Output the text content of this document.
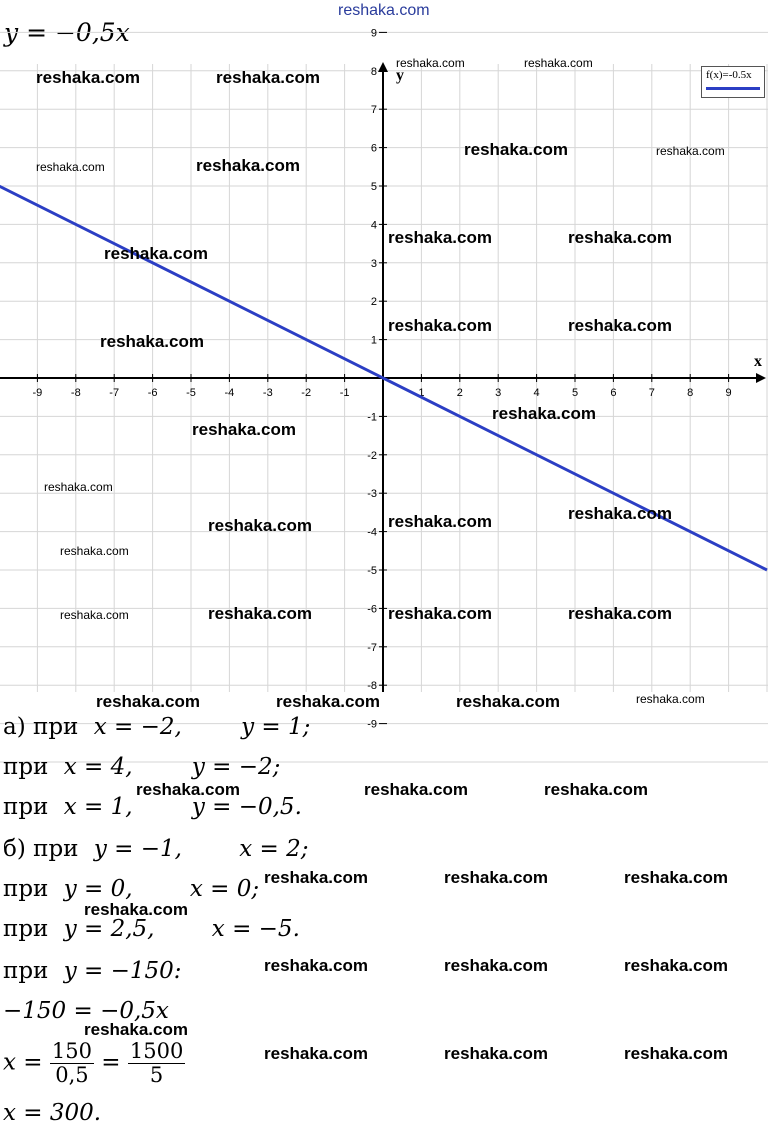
reshaka.com
y = −0,5x
x
y
-9	-8	-7	-6	-5	-4	-3	-2	-1	1	2	3	4	5	6	7	8	9
-9
-8
-7
-6
-5
-4
-3
-2
-1
1
2
3
4
5
6
7
8
9
f(x)=-0.5x
reshaka.com	reshaka.com
reshaka.com	reshaka.com
reshaka.com	reshaka.com
reshaka.com	reshaka.com
reshaka.com
reshaka.com	reshaka.com
reshaka.com
reshaka.com	reshaka.com
reshaka.com
reshaka.com
reshaka.com
reshaka.com	reshaka.com	reshaka.com
reshaka.com
reshaka.com	reshaka.com	reshaka.com	reshaka.com
reshaka.com	reshaka.com	reshaka.com	reshaka.com
а) при x = −2,	y = 1;
при x = 4,	y = −2;
при x = 1,	y = −0,5.
б) при y = −1, x = 2;
при y = 0, x = 0;
при y = 2,5, x = −5.
при y = −150:
−150 = −0,5x
$x = \frac{150}{0,5} = \frac{1500}{5}$
x = 300.
reshaka.com	reshaka.com	reshaka.com
reshaka.com	reshaka.com	reshaka.com
reshaka.com
reshaka.com	reshaka.com	reshaka.com
reshaka.com
reshaka.com	reshaka.com	reshaka.com
